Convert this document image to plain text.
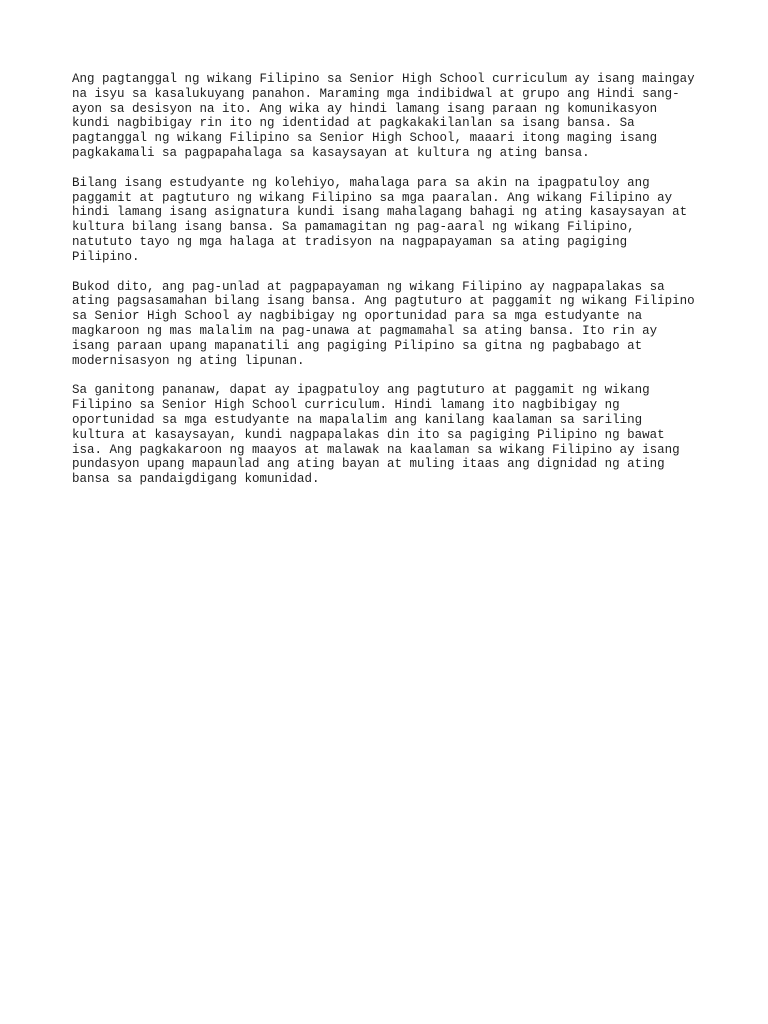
Ang pagtanggal ng wikang Filipino sa Senior High School curriculum ay isang maingay
na isyu sa kasalukuyang panahon. Maraming mga indibidwal at grupo ang Hindi sang-
ayon sa desisyon na ito. Ang wika ay hindi lamang isang paraan ng komunikasyon
kundi nagbibigay rin ito ng identidad at pagkakakilanlan sa isang bansa. Sa
pagtanggal ng wikang Filipino sa Senior High School, maaari itong maging isang
pagkakamali sa pagpapahalaga sa kasaysayan at kultura ng ating bansa.

Bilang isang estudyante ng kolehiyo, mahalaga para sa akin na ipagpatuloy ang
paggamit at pagtuturo ng wikang Filipino sa mga paaralan. Ang wikang Filipino ay
hindi lamang isang asignatura kundi isang mahalagang bahagi ng ating kasaysayan at
kultura bilang isang bansa. Sa pamamagitan ng pag-aaral ng wikang Filipino,
natututo tayo ng mga halaga at tradisyon na nagpapayaman sa ating pagiging
Pilipino.

Bukod dito, ang pag-unlad at pagpapayaman ng wikang Filipino ay nagpapalakas sa
ating pagsasamahan bilang isang bansa. Ang pagtuturo at paggamit ng wikang Filipino
sa Senior High School ay nagbibigay ng oportunidad para sa mga estudyante na
magkaroon ng mas malalim na pag-unawa at pagmamahal sa ating bansa. Ito rin ay
isang paraan upang mapanatili ang pagiging Pilipino sa gitna ng pagbabago at
modernisasyon ng ating lipunan.

Sa ganitong pananaw, dapat ay ipagpatuloy ang pagtuturo at paggamit ng wikang
Filipino sa Senior High School curriculum. Hindi lamang ito nagbibigay ng
oportunidad sa mga estudyante na mapalalim ang kanilang kaalaman sa sariling
kultura at kasaysayan, kundi nagpapalakas din ito sa pagiging Pilipino ng bawat
isa. Ang pagkakaroon ng maayos at malawak na kaalaman sa wikang Filipino ay isang
pundasyon upang mapaunlad ang ating bayan at muling itaas ang dignidad ng ating
bansa sa pandaigdigang komunidad.
